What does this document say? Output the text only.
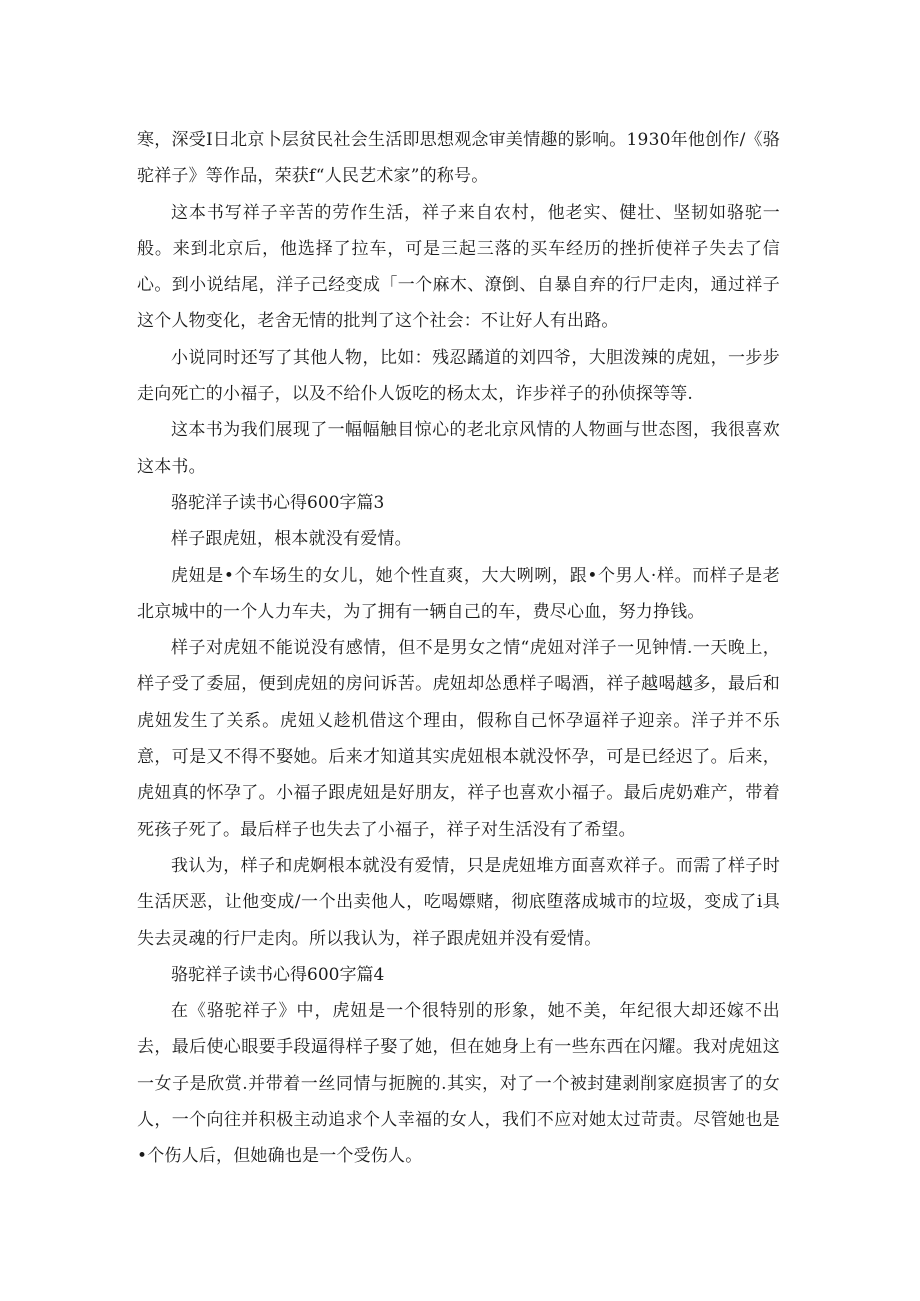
寒，深受I日北京卜层贫民社会生活即思想观念审美情趣的影响。1930年他创作/《骆驼祥子》等作品，荣获f“人民艺术家”的称号。

这本书写祥子辛苦的劳作生活，祥子来自农村，他老实、健壮、坚韧如骆驼一般。来到北京后，他选择了拉车，可是三起三落的买车经历的挫折使祥子失去了信心。到小说结尾，洋子己经变成「一个麻木、潦倒、自暴自弃的行尸走肉，通过祥子这个人物变化，老舍无情的批判了这个社会：不让好人有出路。

小说同时还写了其他人物，比如：残忍蹫道的刘四爷，大胆泼辣的虎妞，一步步走向死亡的小福子，以及不给仆人饭吃的杨太太，诈步祥子的孙侦探等等.

这本书为我们展现了一幅幅触目惊心的老北京风情的人物画与世态图，我很喜欢这本书。

骆驼洋子读书心得600字篇3

样子跟虎妞，根本就没有爱情。

虎妞是•个车场生的女儿，她个性直爽，大大咧咧，跟•个男人·样。而样子是老北京城中的一个人力车夫，为了拥有一辆自己的车，费尽心血，努力挣钱。

样子对虎妞不能说没有感情，但不是男女之情“虎妞对洋子一见钟情.一天晚上，样子受了委屈，便到虎妞的房问诉苦。虎妞却怂恿样子喝酒，祥子越喝越多，最后和虎妞发生了关系。虎妞乂趁机借这个理由，假称自己怀孕逼祥子迎亲。洋子并不乐意，可是又不得不娶她。后来才知道其实虎妞根本就没怀孕，可是已经迟了。后来，虎妞真的怀孕了。小福子跟虎妞是好朋友，祥子也喜欢小福子。最后虎奶难产，带着死孩子死了。最后样子也失去了小福子，祥子对生活没有了希望。

我认为，样子和虎婀根本就没有爱情，只是虎妞堆方面喜欢祥子。而需了样子时生活厌恶，让他变成/一个出卖他人，吃喝嫖赌，彻底堕落成城市的垃圾，变成了i具失去灵魂的行尸走肉。所以我认为，祥子跟虎妞并没有爱情。

骆驼祥子读书心得600字篇4

在《骆驼祥子》中，虎妞是一个很特别的形象，她不美，年纪很大却还嫁不出去，最后使心眼要手段逼得样子娶了她，但在她身上有一些东西在闪耀。我对虎妞这一女子是欣赏.并带着一丝同情与扼腕的.其实，对了一个被封建剥削家庭损害了的女人，一个向往并积极主动追求个人幸福的女人，我们不应对她太过苛责。尽管她也是•个伤人后，但她确也是一个受伤人。
